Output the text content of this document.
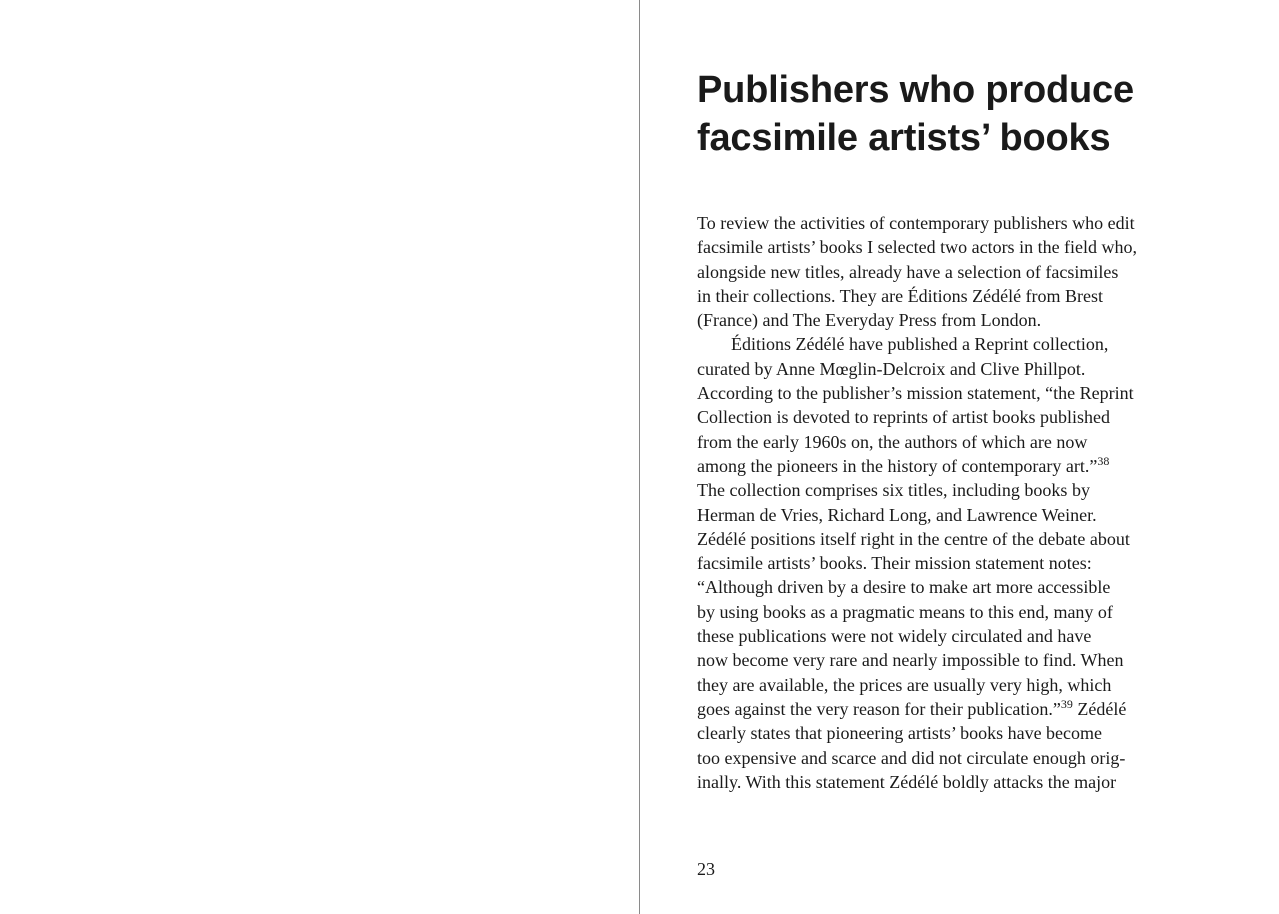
Publishers who produce
facsimile artists’ books
To review the activities of contemporary publishers who edit
facsimile artists’ books I selected two actors in the field who,
alongside new titles, already have a selection of facsimiles
in their collections. They are Éditions Zédélé from Brest
(France) and The Everyday Press from London.
Éditions Zédélé have published a Reprint collection,
curated by Anne Mœglin-Delcroix and Clive Phillpot.
According to the publisher’s mission statement, “the Reprint
Collection is devoted to reprints of artist books published
from the early 1960s on, the authors of which are now
among the pioneers in the history of contemporary art.”$^{38}$
The collection comprises six titles, including books by
Herman de Vries, Richard Long, and Lawrence Weiner.
Zédélé positions itself right in the centre of the debate about
facsimile artists’ books. Their mission statement notes:
“Although driven by a desire to make art more accessible
by using books as a pragmatic means to this end, many of
these publications were not widely circulated and have
now become very rare and nearly impossible to find. When
they are available, the prices are usually very high, which
goes against the very reason for their publication.”$^{39}$ Zédélé
clearly states that pioneering artists’ books have become
too expensive and scarce and did not circulate enough orig-
inally. With this statement Zédélé boldly attacks the major
23
